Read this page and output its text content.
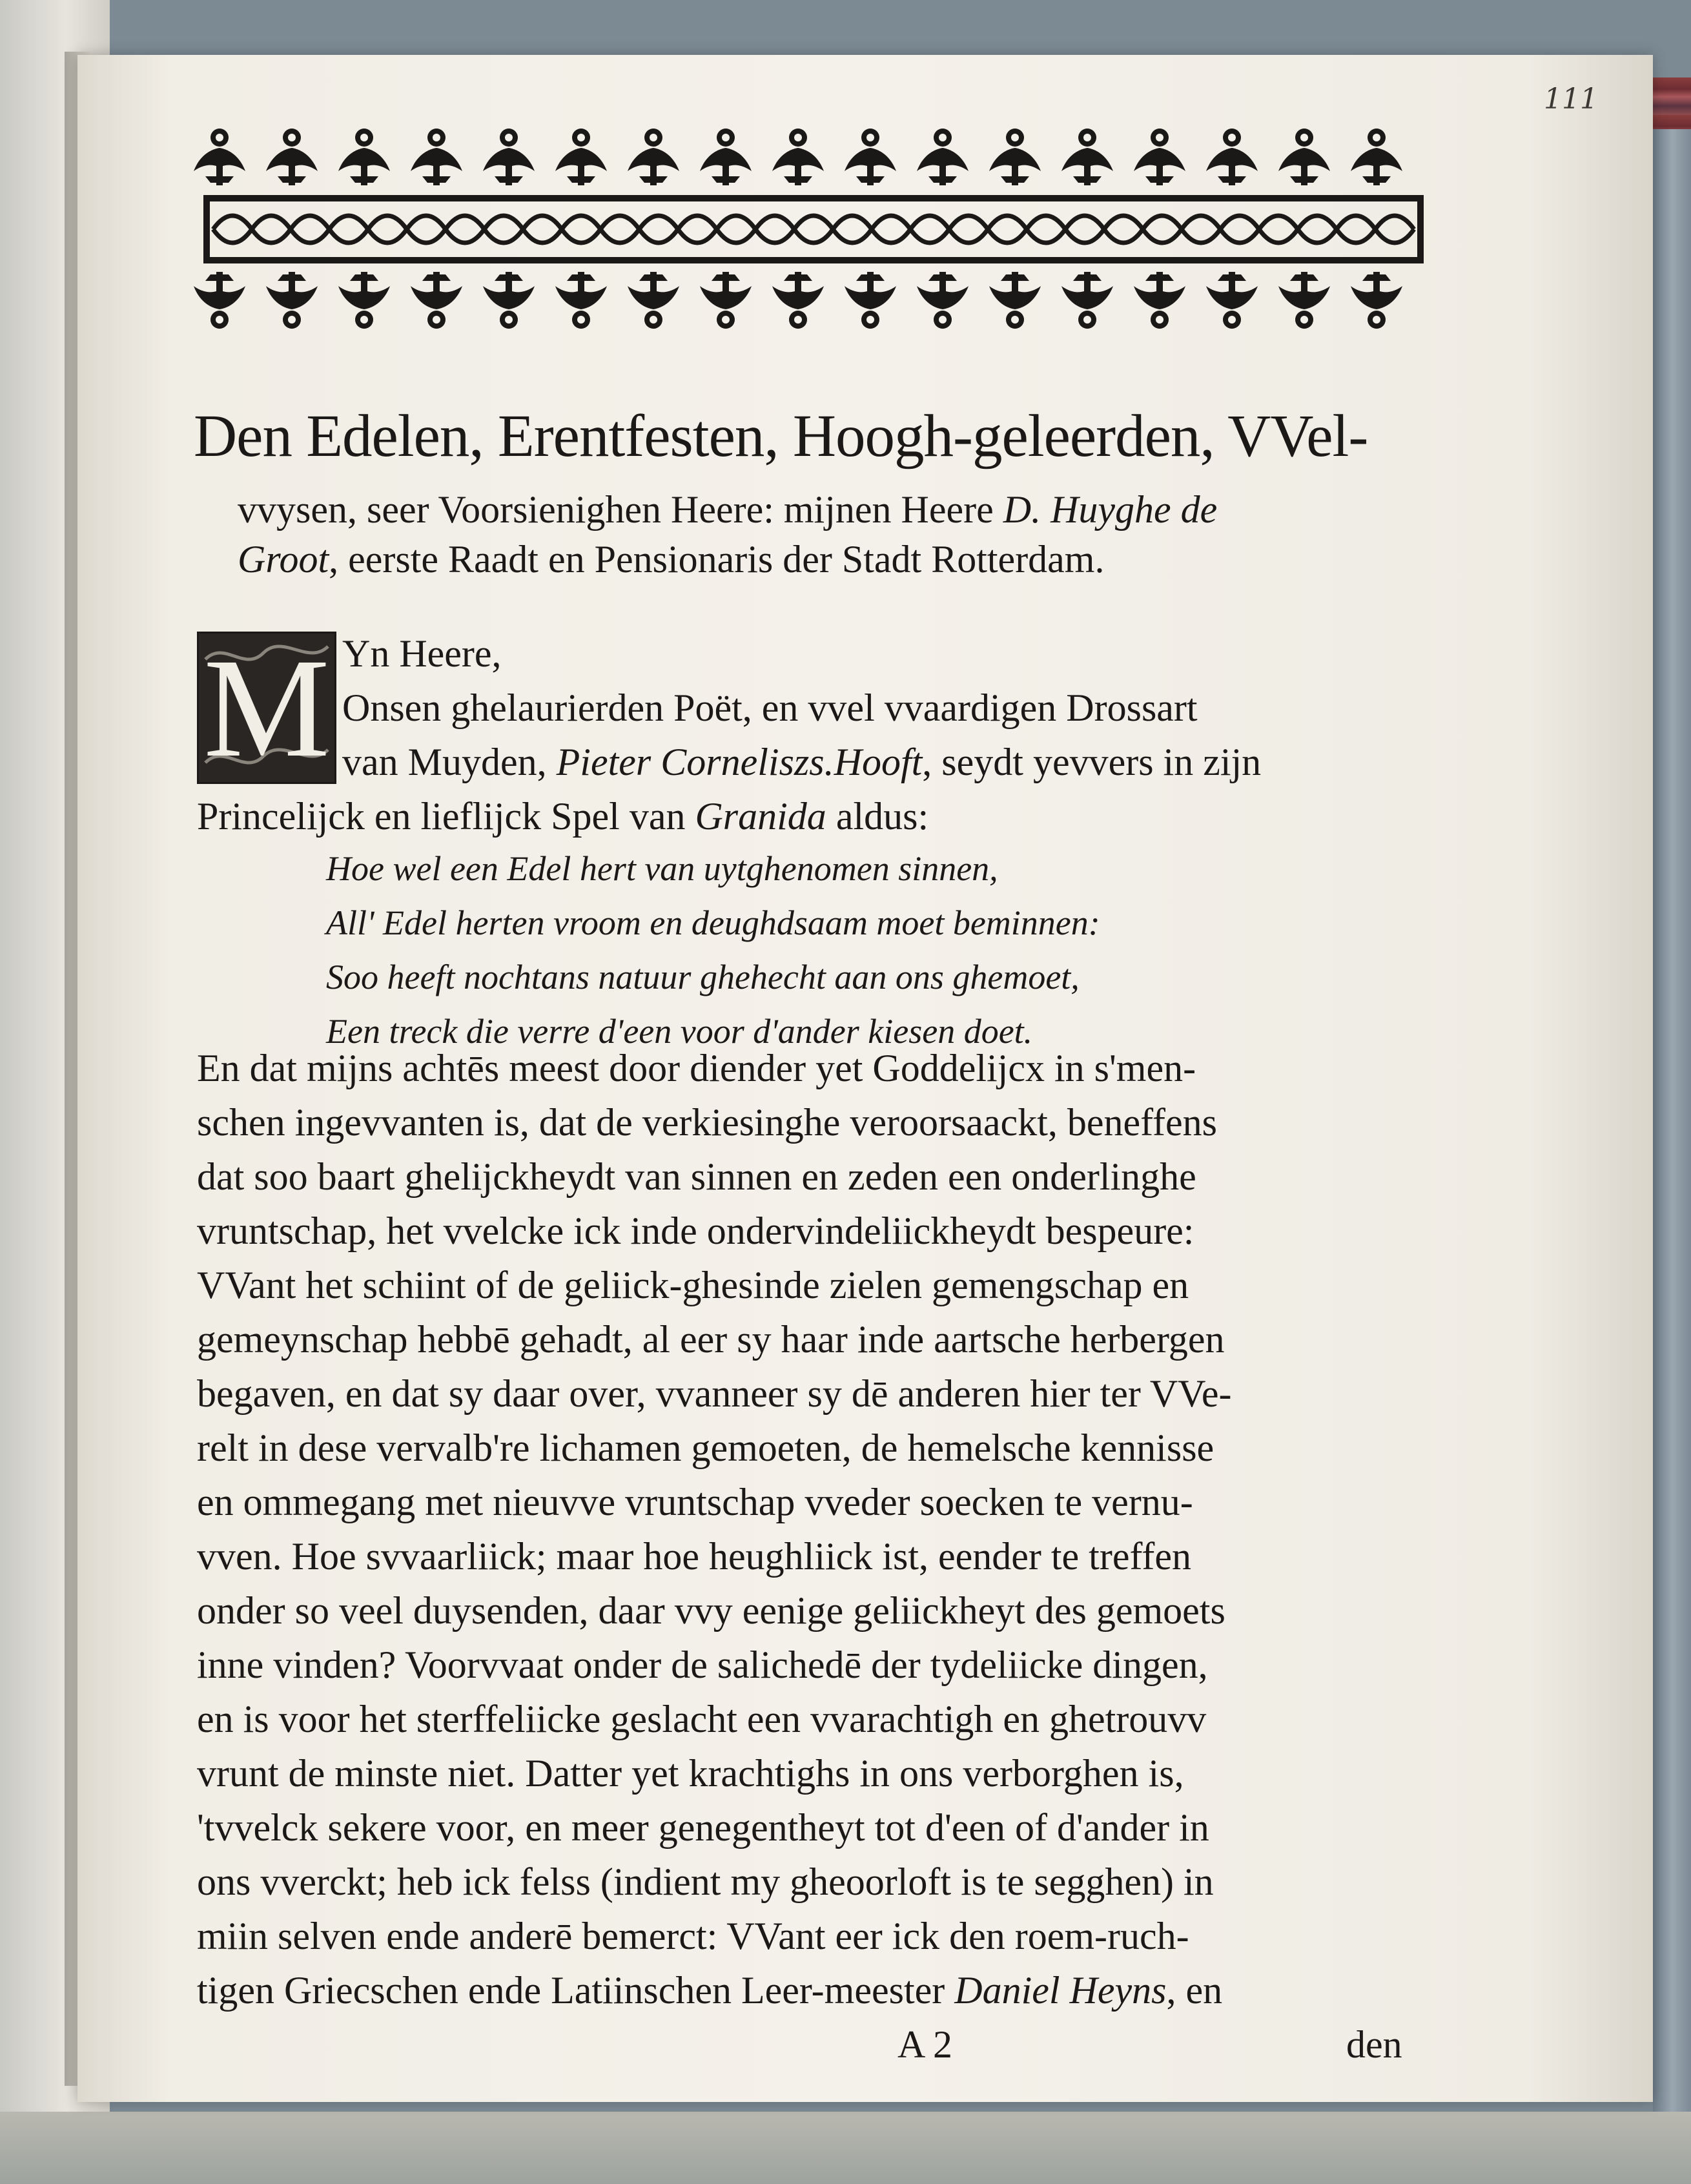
111
Den Edelen, Erentfesten, Hoogh-geleerden, VVel-
vvysen, seer Voorsienighen Heere: mijnen Heere D. Huyghe de
Groot, eerste Raadt en Pensionaris der Stadt Rotterdam.
M Yn Heere,
Onsen ghelaurierden Poët, en vvel vvaardigen Drossart
van Muyden, Pieter Corneliszs.Hooft, seydt yevvers in zijn
Princelijck en lieflijck Spel van Granida aldus:
Hoe wel een Edel hert van uytghenomen sinnen,
All' Edel herten vroom en deughdsaam moet beminnen:
Soo heeft nochtans natuur ghehecht aan ons ghemoet,
Een treck die verre d'een voor d'ander kiesen doet.
En dat mijns achtēs meest door diender yet Goddelijcx in s'men-
schen ingevvanten is, dat de verkiesinghe veroorsaackt, beneffens
dat soo baart ghelijckheydt van sinnen en zeden een onderlinghe
vruntschap, het vvelcke ick inde ondervindeliickheydt bespeure:
VVant het schiint of de geliick-ghesinde zielen gemengschap en
gemeynschap hebbē gehadt, al eer sy haar inde aartsche herbergen
begaven, en dat sy daar over, vvanneer sy dē anderen hier ter VVe-
relt in dese vervalb're lichamen gemoeten, de hemelsche kennisse
en ommegang met nieuvve vruntschap vveder soecken te vernu-
vven. Hoe svvaarliick; maar hoe heughliick ist, eender te treffen
onder so veel duysenden, daar vvy eenige geliickheyt des gemoets
inne vinden? Voorvvaat onder de salichedē der tydeliicke dingen,
en is voor het sterffeliicke geslacht een vvarachtigh en ghetrouvv
vrunt de minste niet. Datter yet krachtighs in ons verborghen is,
'tvvelck sekere voor, en meer genegentheyt tot d'een of d'ander in
ons vverckt; heb ick felss (indient my gheoorloft is te segghen) in
miin selven ende anderē bemerct: VVant eer ick den roem-ruch-
tigen Griecschen ende Latiinschen Leer-meester Daniel Heyns, en
A 2	den
